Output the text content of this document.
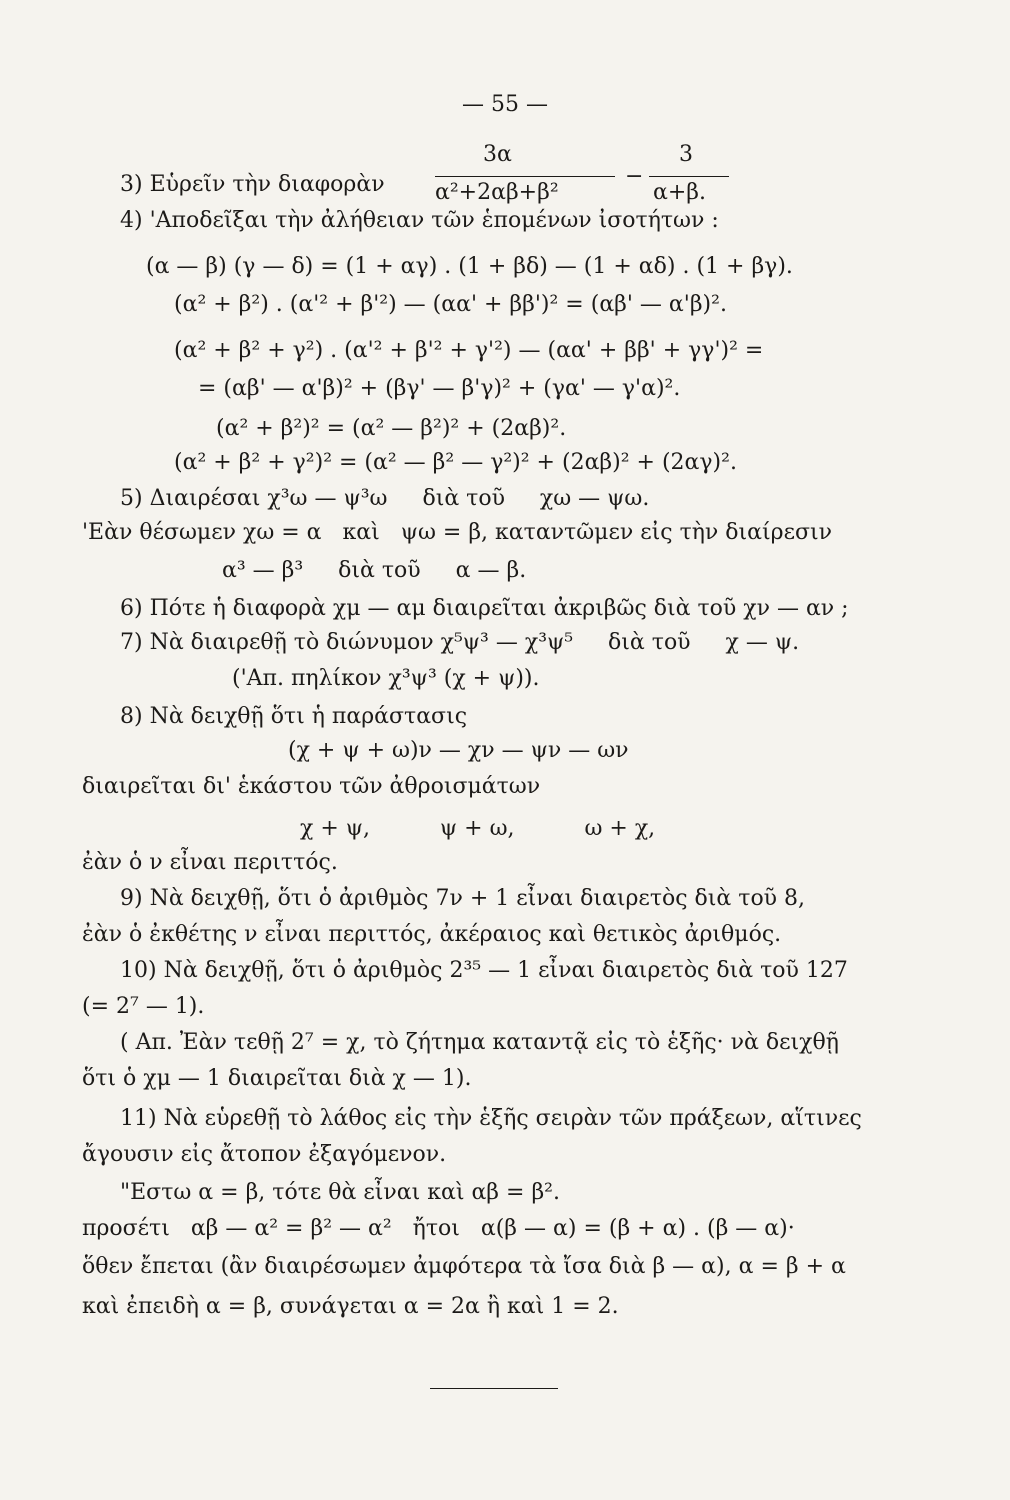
— 55 —
3) Εὑρεῖν τὴν διαφορὰν
3α
α²+2αβ+β²
−
3
α+β.
4) 'Αποδεῖξαι τὴν ἀλήθειαν τῶν ἑπομένων ἰσοτήτων :
(α — β) (γ — δ) = (1 + αγ) . (1 + βδ) — (1 + αδ) . (1 + βγ).
(α² + β²) . (α'² + β'²) — (αα' + ββ')² = (αβ' — α'β)².
(α² + β² + γ²) . (α'² + β'² + γ'²) — (αα' + ββ' + γγ')² =
= (αβ' — α'β)² + (βγ' — β'γ)² + (γα' — γ'α)².
(α² + β²)² = (α² — β²)² + (2αβ)².
(α² + β² + γ²)² = (α² — β² — γ²)² + (2αβ)² + (2αγ)².
5) Διαιρέσαι χ³ω — ψ³ω     διὰ τοῦ     χω — ψω.
'Εὰν θέσωμεν χω = α   καὶ   ψω = β, καταντῶμεν εἰς τὴν διαίρεσιν
α³ — β³     διὰ τοῦ     α — β.
6) Πότε ἡ διαφορὰ χμ — αμ διαιρεῖται ἀκριβῶς διὰ τοῦ χν — αν ;
7) Νὰ διαιρεθῇ τὸ διώνυμον χ⁵ψ³ — χ³ψ⁵     διὰ τοῦ     χ — ψ.
('Απ. πηλίκον χ³ψ³ (χ + ψ)).
8) Νὰ δειχθῇ ὅτι ἡ παράστασις
(χ + ψ + ω)ν — χν — ψν — ων
διαιρεῖται δι' ἑκάστου τῶν ἀθροισμάτων
χ + ψ,          ψ + ω,          ω + χ,
ἐὰν ὁ ν εἶναι περιττός.
9) Νὰ δειχθῇ, ὅτι ὁ ἀριθμὸς 7ν + 1 εἶναι διαιρετὸς διὰ τοῦ 8,
ἐὰν ὁ ἐκθέτης ν εἶναι περιττός, ἀκέραιος καὶ θετικὸς ἀριθμός.
10) Νὰ δειχθῇ, ὅτι ὁ ἀριθμὸς 2³⁵ — 1 εἶναι διαιρετὸς διὰ τοῦ 127
(= 2⁷ — 1).
( Απ. Ἐὰν τεθῇ 2⁷ = χ, τὸ ζήτημα καταντᾷ εἰς τὸ ἑξῆς· νὰ δειχθῇ
ὅτι ὁ χμ — 1 διαιρεῖται διὰ χ — 1).
11) Νὰ εὑρεθῇ τὸ λάθος εἰς τὴν ἑξῆς σειρὰν τῶν πράξεων, αἵτινες
ἄγουσιν εἰς ἄτοπον ἐξαγόμενον.
"Εστω α = β, τότε θὰ εἶναι καὶ αβ = β².
προσέτι   αβ — α² = β² — α²   ἤτοι   α(β — α) = (β + α) . (β — α)·
ὅθεν ἔπεται (ἂν διαιρέσωμεν ἀμφότερα τὰ ἴσα διὰ β — α), α = β + α
καὶ ἐπειδὴ α = β, συνάγεται α = 2α ἢ καὶ 1 = 2.
